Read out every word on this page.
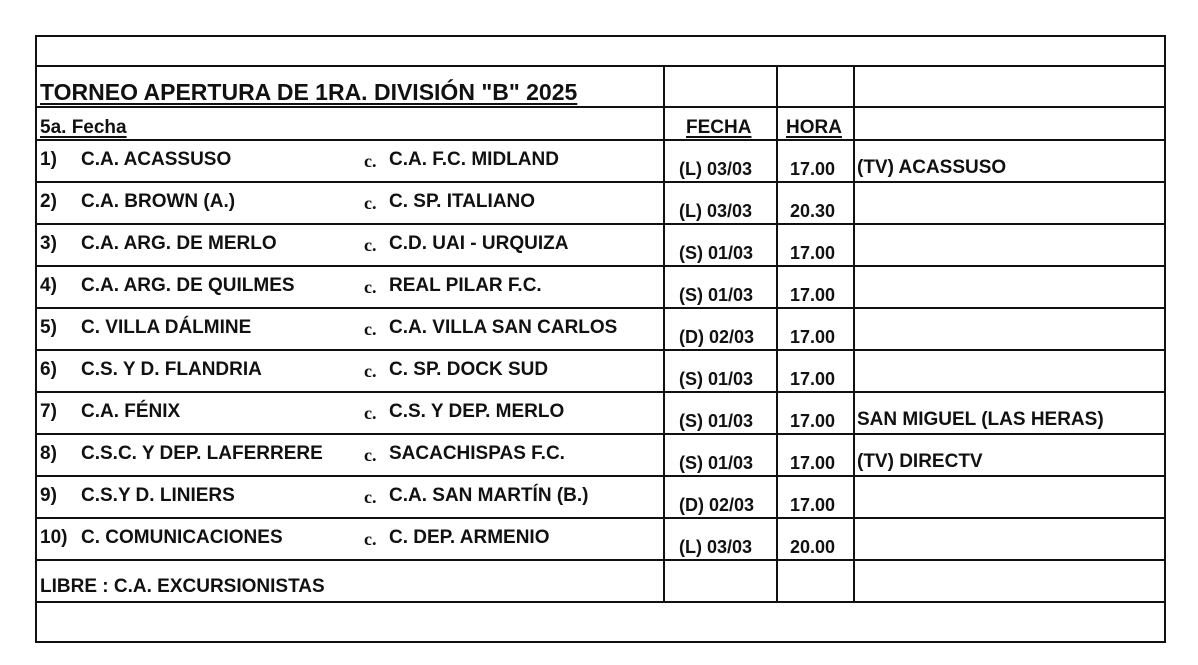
TORNEO APERTURA DE 1RA. DIVISIÓN "B" 2025
5a. Fecha	FECHA HORA
1) C.A. ACASSUSO	c. C.A. F.C. MIDLAND	(L) 03/03 17.00 (TV) ACASSUSO
2) C.A. BROWN (A.)	c. C. SP. ITALIANO	(L) 03/03 20.30
3) C.A. ARG. DE MERLO	c. C.D. UAI - URQUIZA	(S) 01/03 17.00
4) C.A. ARG. DE QUILMES	c. REAL PILAR F.C.	(S) 01/03 17.00
5) C. VILLA DÁLMINE	c. C.A. VILLA SAN CARLOS	(D) 02/03 17.00
6) C.S. Y D. FLANDRIA	c. C. SP. DOCK SUD	(S) 01/03 17.00
7) C.A. FÉNIX	c. C.S. Y DEP. MERLO	(S) 01/03 17.00 SAN MIGUEL (LAS HERAS)
8) C.S.C. Y DEP. LAFERRERE c. SACACHISPAS F.C.	(S) 01/03 17.00 (TV) DIRECTV
9) C.S.Y D. LINIERS	c. C.A. SAN MARTÍN (B.)	(D) 02/03 17.00
10) C. COMUNICACIONES	c. C. DEP. ARMENIO	(L) 03/03 20.00
LIBRE : C.A. EXCURSIONISTAS
